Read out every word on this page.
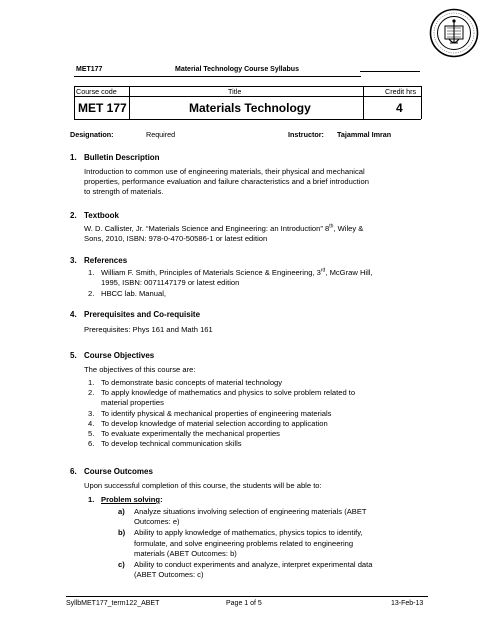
MET177	Material Technology Course Syllabus
Course code	Title	Credit hrs
MET 177	Materials Technology	4
Designation:	Required	Instructor: Tajammal Imran
1. Bulletin Description
Introduction to common use of engineering materials, their physical and mechanical
properties, performance evaluation and failure characteristics and a brief introduction
to strength of materials.
2. Textbook
W. D. Callister, Jr. “Materials Science and Engineering: an Introduction” 8th, Wiley &
Sons, 2010, ISBN: 978-0-470-50586-1 or latest edition
3. References
1. William F. Smith, Principles of Materials Science & Engineering, 3rd, McGraw Hill,
1995, ISBN: 0071147179 or latest edition
2. HBCC lab. Manual,
4. Prerequisites and Co-requisite
Prerequisites: Phys 161 and Math 161
5. Course Objectives
The objectives of this course are:
1. To demonstrate basic concepts of material technology
2. To apply knowledge of mathematics and physics to solve problem related to
material properties
3. To identify physical & mechanical properties of engineering materials
4. To develop knowledge of material selection according to application
5. To evaluate experimentally the mechanical properties
6. To develop technical communication skills
6. Course Outcomes
Upon successful completion of this course, the students will be able to:
1. Problem solving:
a)	Analyze situations involving selection of engineering materials (ABET
Outcomes: e)
b)	Ability to apply knowledge of mathematics, physics topics to identify,
formulate, and solve engineering problems related to engineering
materials (ABET Outcomes: b)
c)	Ability to conduct experiments and analyze, interpret experimental data
(ABET Outcomes: c)
SyllbMET177_term122_ABET	Page 1 of 5	13-Feb-13
